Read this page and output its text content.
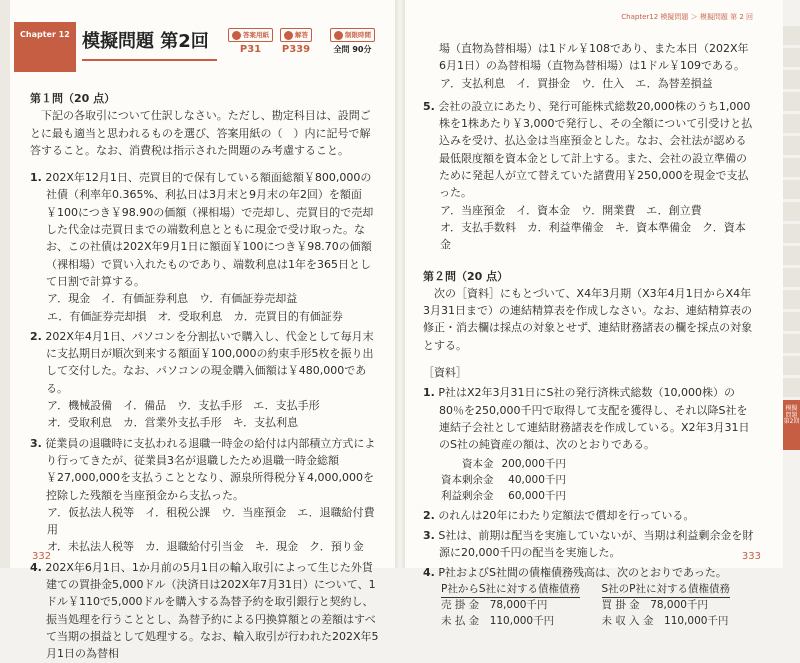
Chapter 12 模擬問題 第2回	答案用紙
P31
解答
P339
制限時間
全問 90分

第１問（20 点）

下記の各取引について仕訳しなさい。ただし、勘定科目は、設問ごとに最も適当と思われるものを選び、答案用紙の（　）内に記号で解答すること。なお、消費税は指示された問題のみ考慮すること。

1. 202X年12月1日、売買目的で保有している額面総額￥800,000の社債（利率年0.365%、利払日は3月末と9月末の年2回）を額面￥100につき￥98.90の価額（裸相場）で売却し、売買目的で売却した代金は売買日までの端数利息とともに現金で受け取った。なお、この社債は202X年9月1日に額面￥100につき￥98.70の価額（裸相場）で買い入れたものであり、端数利息は1年を365日として日割で計算する。

ア．現金　イ．有価証券利息　ウ．有価証券売却益

エ．有価証券売却損　オ．受取利息　カ．売買目的有価証券

2. 202X年4月1日、パソコンを分割払いで購入し、代金として毎月末に支払期日が順次到来する額面￥100,000の約束手形5枚を振り出して交付した。なお、パソコンの現金購入価額は￥480,000である。

ア．機械設備　イ．備品　ウ．支払手形　エ．支払手形

オ．受取利息　カ．営業外支払手形　キ．支払利息

3. 従業員の退職時に支払われる退職一時金の給付は内部積立方式により行ってきたが、従業員3名が退職したため退職一時金総額￥27,000,000を支払うこととなり、源泉所得税分￥4,000,000を控除した残額を当座預金から支払った。

ア．仮払法人税等　イ．租税公課　ウ．当座預金　エ．退職給付費用

オ．未払法人税等　カ．退職給付引当金　キ．現金　ク．預り金

4. 202X年6月1日、1か月前の5月1日の輸入取引によって生じた外貨建ての買掛金5,000ドル（決済日は202X年7月31日）について、1ドル￥110で5,000ドルを購入する為替予約を取引銀行と契約し、振当処理を行うこととし、為替予約による円換算額との差額はすべて当期の損益として処理する。なお、輸入取引が行われた202X年5月1日の為替相
332
Chapter12 模擬問題 ＞ 模擬問題 第 2 回

場（直物為替相場）は1ドル￥108であり、また本日（202X年6月1日）の為替相場（直物為替相場）は1ドル￥109である。

ア．支払利息　イ．買掛金　ウ．仕入　エ．為替差損益

5. 会社の設立にあたり、発行可能株式総数20,000株のうち1,000株を1株あたり￥3,000で発行し、その全額について引受けと払込みを受け、払込金は当座預金とした。なお、会社法が認める最低限度額を資本金として計上する。また、会社の設立準備のために発起人が立て替えていた諸費用￥250,000を現金で支払った。

ア．当座預金　イ．資本金　ウ．開業費　エ．創立費

オ．支払手数料　カ．利益準備金　キ．資本準備金　ク．資本金

第２問（20 点）

次の［資料］にもとづいて、X4年3月期（X3年4月1日からX4年3月31日まで）の連結精算表を作成しなさい。なお、連結精算表の修正・消去欄は採点の対象とせず、連結財務諸表の欄を採点の対象とする。

［資料］

1. P社はX2年3月31日にS社の発行済株式総数（10,000株）の80％を250,000千円で取得して支配を獲得し、それ以降S社を連結子会社として連結財務諸表を作成している。X2年3月31日のS社の純資産の額は、次のとおりである。
資本金	200,000千円
資本剰余金	40,000千円
利益剰余金	60,000千円
2. のれんは20年にわたり定額法で償却を行っている。
3. S社は、前期は配当を実施していないが、当期は利益剰余金を財源に20,000千円の配当を実施した。
4. P社およびS社間の債権債務残高は、次のとおりであった。
P社からS社に対する債権債務
売 掛 金　 78,000千円
未 払 金　 110,000千円

S社のP社に対する債権債務
買 掛 金　 78,000千円
未 収 入 金　 110,000千円
333
模擬問題 第2回
